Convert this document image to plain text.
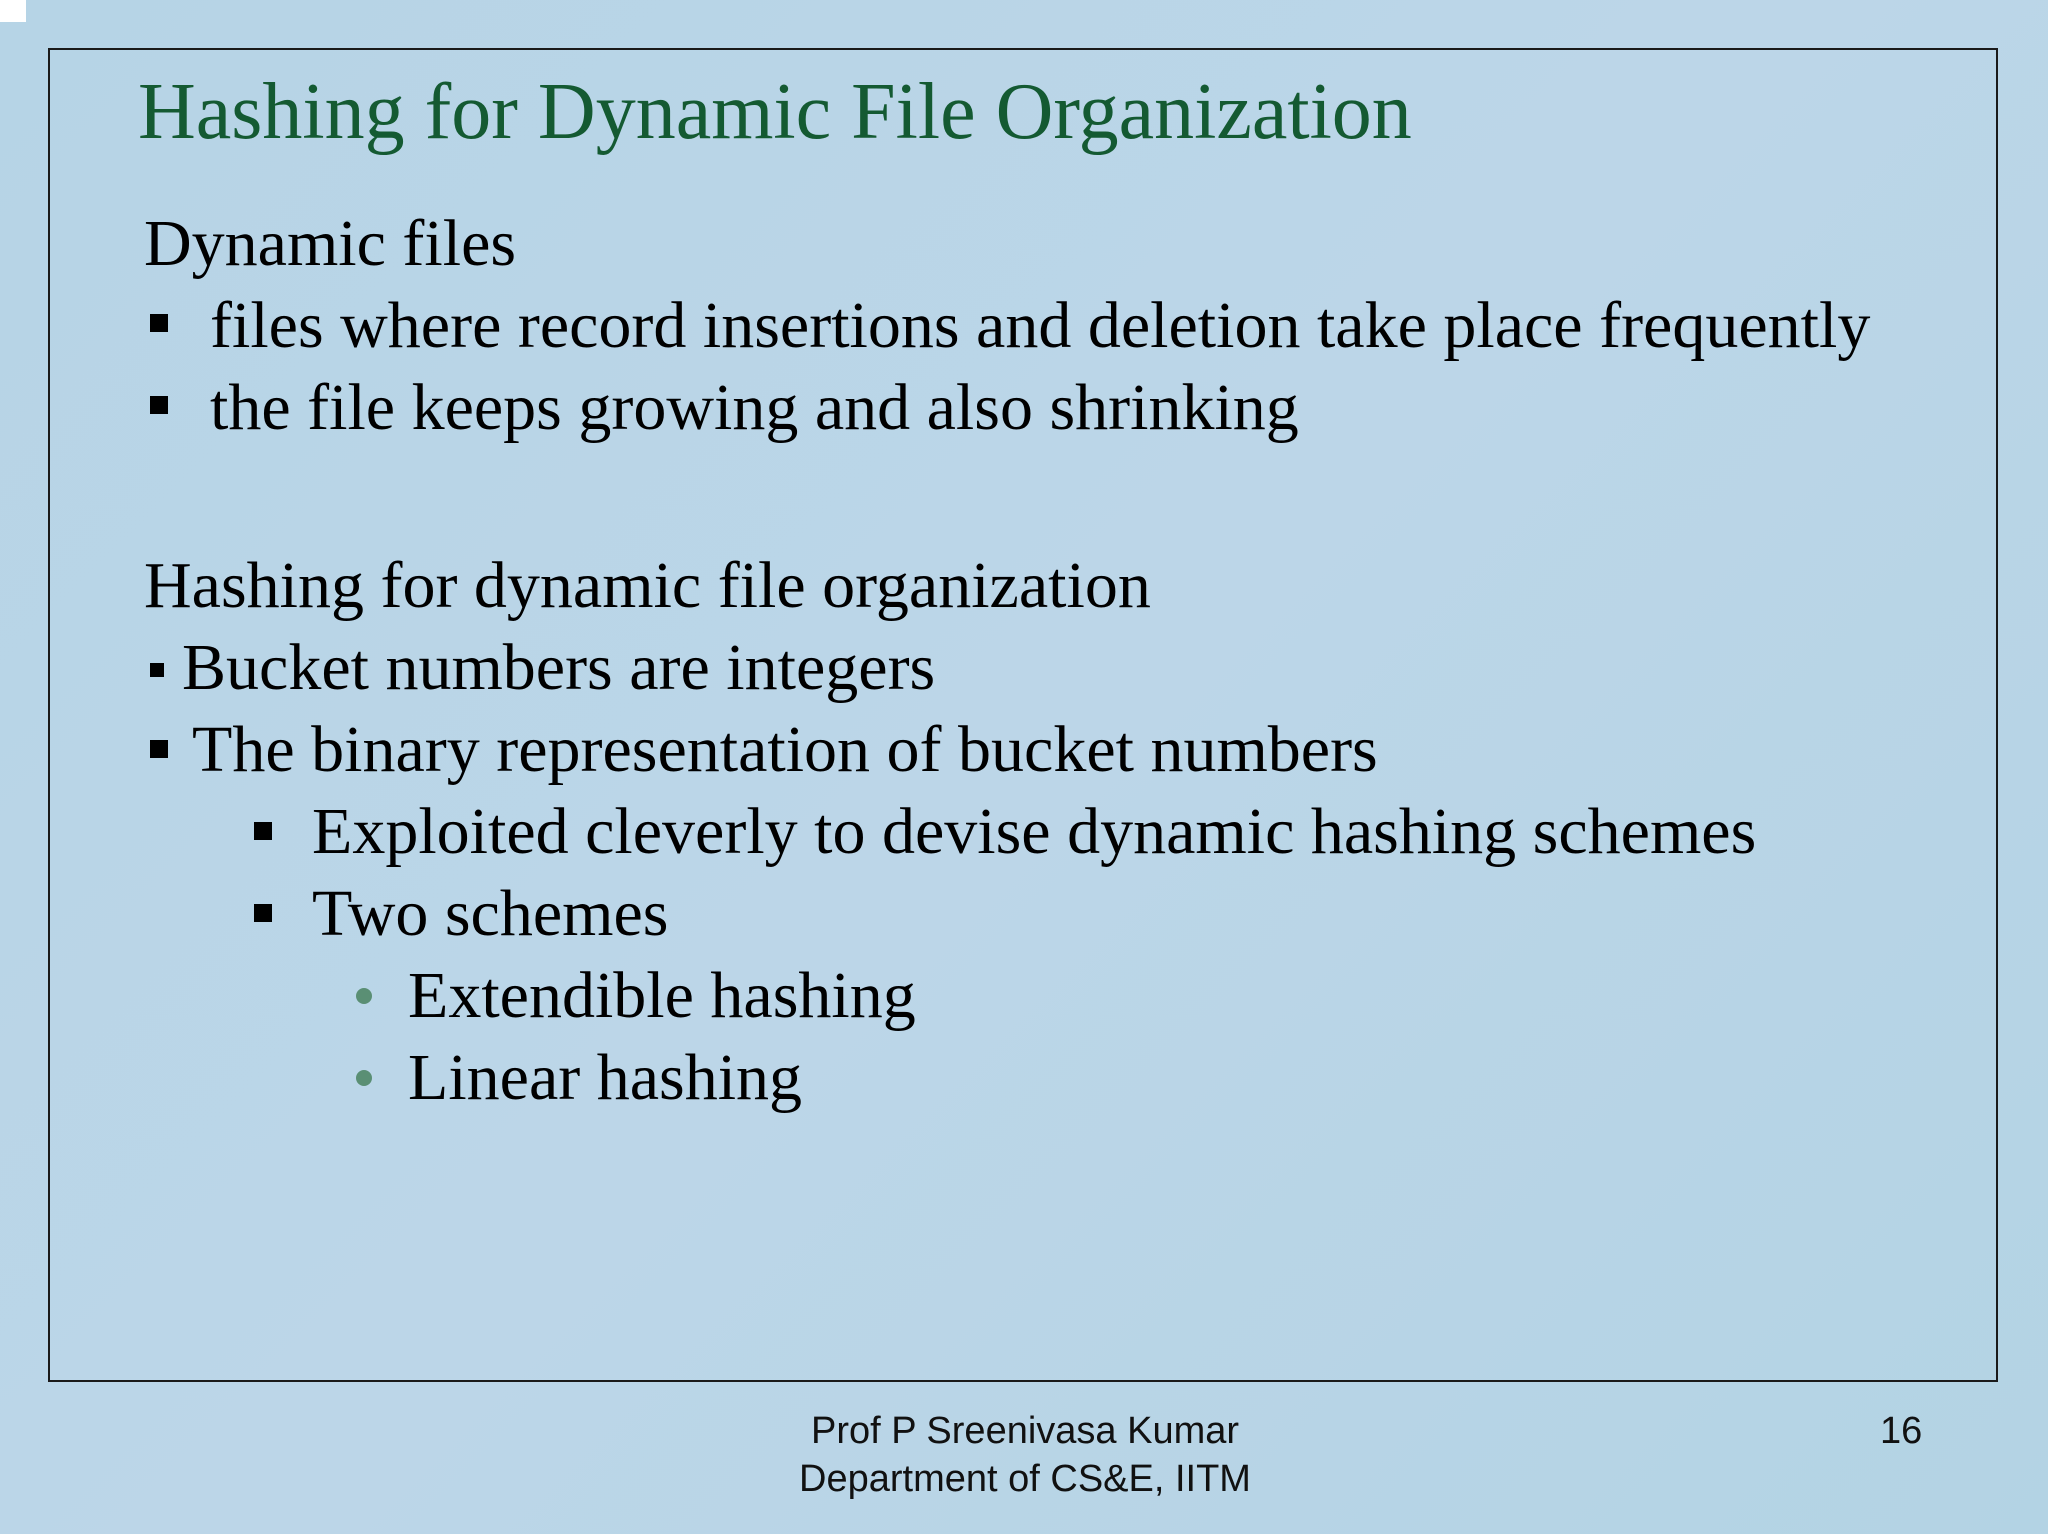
Hashing for Dynamic File Organization
Dynamic files
files where record insertions and deletion take place frequently
the file keeps growing and also shrinking
Hashing for dynamic file organization
Bucket numbers are integers
The binary representation of bucket numbers
Exploited cleverly to devise dynamic hashing schemes
Two schemes
Extendible hashing
Linear hashing
Prof P Sreenivasa Kumar
Department of CS&E, IITM
16
